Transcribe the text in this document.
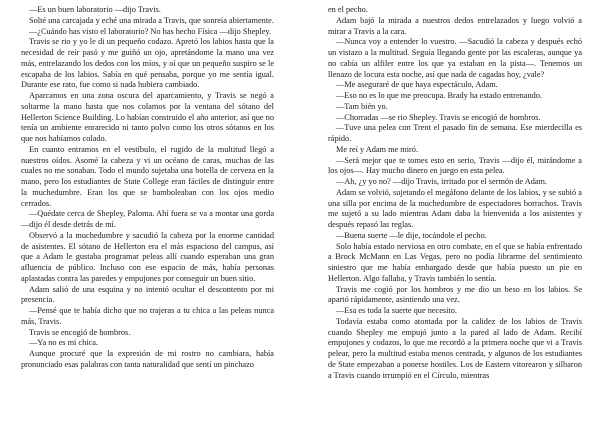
—Es un buen laboratorio —dijo Travis.

Solté una carcajada y eché una mirada a Travis, que sonreía abiertamente.

—¿Cuándo has visto el laboratorio? No has hecho Física —dijo Shepley.

Travis se rio y yo le di un pequeño codazo. Apretó los labios hasta que la necesidad de reír pasó y me guiñó un ojo, apretándome la mano una vez más, entrelazando los dedos con los míos, y oí que un pequeño suspiro se le escapaba de los labios. Sabía en qué pensaba, porque yo me sentía igual. Durante ese rato, fue como si nada hubiera cambiado.

Aparcamos en una zona oscura del aparcamiento, y Travis se negó a soltarme la mano hasta que nos colamos por la ventana del sótano del Hellerton Science Building. Lo habían construido el año anterior, así que no tenía un ambiente enrarecido ni tanto polvo como los otros sótanos en los que nos habíamos colado.

En cuanto entramos en el vestíbulo, el rugido de la multitud llegó a nuestros oídos. Asomé la cabeza y vi un océano de caras, muchas de las cuales no me sonaban. Todo el mundo sujetaba una botella de cerveza en la mano, pero los estudiantes de State College eran fáciles de distinguir entre la muchedumbre. Eran los que se bamboleaban con los ojos medio cerrados.

—Quédate cerca de Shepley, Paloma. Ahí fuera se va a montar una gorda —dijo él desde detrás de mí.

Observó a la muchedumbre y sacudió la cabeza por la enorme cantidad de asistentes. El sótano de Hellerton era el más espacioso del campus, así que a Adam le gustaba programar peleas allí cuando esperaban una gran afluencia de público. Incluso con ese espacio de más, había personas aplastadas contra las paredes y empujones por conseguir un buen sitio.

Adam salió de una esquina y no intentó ocultar el descontento por mi presencia.

—Pensé que te había dicho que no trajeras a tu chica a las peleas nunca más, Travis.

Travis se encogió de hombros.

—Ya no es mi chica.

Aunque procuré que la expresión de mi rostro no cambiara, había pronunciado esas palabras con tanta naturalidad que sentí un pinchazo

en el pecho.

Adam bajó la mirada a nuestros dedos entrelazados y luego volvió a mirar a Travis a la cara.

—Nunca voy a entender lo vuestro. —Sacudió la cabeza y después echó un vistazo a la multitud. Seguía llegando gente por las escaleras, aunque ya no cabía un alfiler entre los que ya estaban en la pista—. Tenemos un llenazo de locura esta noche, así que nada de cagadas hoy, ¿vale?

—Me aseguraré de que haya espectáculo, Adam.

—Eso no es lo que me preocupa. Brady ha estado entrenando.

—Tam bién yo.

—Chorradas —se rio Shepley. Travis se encogió de hombros.

—Tuve una pelea con Trent el pasado fin de semana. Ese mierdecilla es rápido.

Me reí y Adam me miró.

—Será mejor que te tomes esto en serio, Travis —dijo él, mirándome a los ojos—. Hay mucho dinero en juego en esta pelea.

—Ah, ¿y yo no? —dijo Travis, irritado por el sermón de Adam.

Adam se volvió, sujetando el megáfono delante de los labios, y se subió a una silla por encima de la muchedumbre de espectadores borrachos. Travis me sujetó a su lado mientras Adam daba la bienvenida a los asistentes y después repasó las reglas.

—Buena suerte —le dije, tocándole el pecho.

Solo había estado nerviosa en otro combate, en el que se había enfrentado a Brock McMann en Las Vegas, pero no podía librarme del sentimiento siniestro que me había embargado desde que había puesto un pie en Hellerton. Algo fallaba, y Travis también lo sentía.

Travis me cogió por los hombros y me dio un beso en los labios. Se apartó rápidamente, asintiendo una vez.

—Esa es toda la suerte que necesito.

Todavía estaba como atontada por la calidez de los labios de Travis cuando Shepley me empujó junto a la pared al lado de Adam. Recibí empujones y codazos, lo que me recordó a la primera noche que vi a Travis pelear, pero la multitud estaba menos centrada, y algunos de los estudiantes de State empezaban a ponerse hostiles. Los de Eastern vitorearon y silbaron a Travis cuando irrumpió en el Círculo, mientras
